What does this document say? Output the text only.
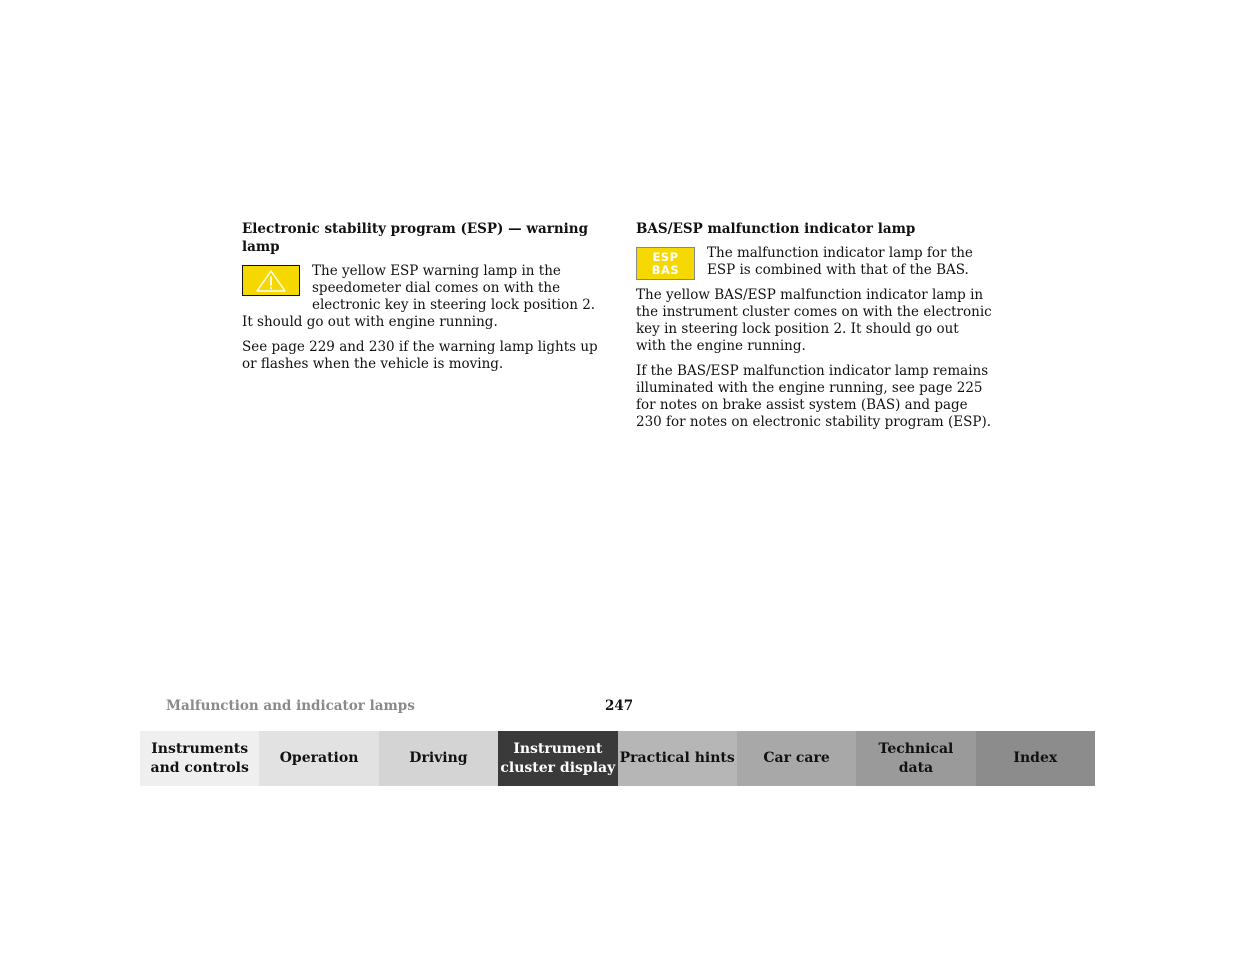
Electronic stability program (ESP) — warning lamp

The yellow ESP warning lamp in the speedometer dial comes on with the electronic key in steering lock position 2. It should go out with engine running.

See page 229 and 230 if the warning lamp lights up or flashes when the vehicle is moving.

BAS/ESP malfunction indicator lamp
ESP
BAS

The malfunction indicator lamp for the ESP is combined with that of the BAS.

The yellow BAS/ESP malfunction indicator lamp in the instrument cluster comes on with the electronic key in steering lock position 2. It should go out with the engine running.

If the BAS/ESP malfunction indicator lamp remains illuminated with the engine running, see page 225 for notes on brake assist system (BAS) and page 230 for notes on electronic stability program (ESP).

Malfunction and indicator lamps	247
Instruments
and controls
Operation	Driving
Instrument
cluster display
Practical hints	Car care
Technical
data
Index
